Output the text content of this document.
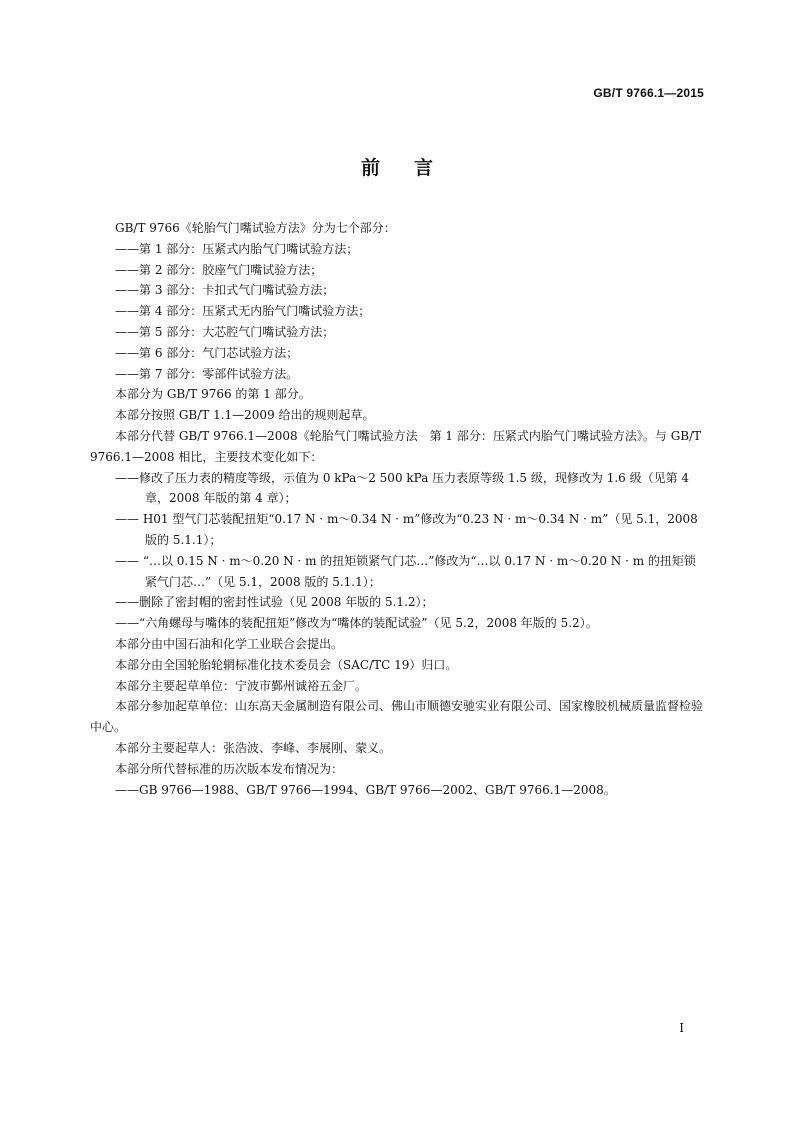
GB/T 9766.1—2015
前言

GB/T 9766《轮胎气门嘴试验方法》分为七个部分：

——第 1 部分：压紧式内胎气门嘴试验方法；

——第 2 部分：胶座气门嘴试验方法；

——第 3 部分：卡扣式气门嘴试验方法；

——第 4 部分：压紧式无内胎气门嘴试验方法；

——第 5 部分：大芯腔气门嘴试验方法；

——第 6 部分：气门芯试验方法；

——第 7 部分：零部件试验方法。

本部分为 GB/T 9766 的第 1 部分。

本部分按照 GB/T 1.1—2009 给出的规则起草。

本部分代替 GB/T 9766.1—2008《轮胎气门嘴试验方法　第 1 部分：压紧式内胎气门嘴试验方法》。与 GB/T 9766.1—2008 相比，主要技术变化如下：

——修改了压力表的精度等级，示值为 0 kPa～2 500 kPa 压力表原等级 1.5 级，现修改为 1.6 级（见第 4 章，2008 年版的第 4 章）；

—— H01 型气门芯装配扭矩“0.17 N · m～0.34 N · m”修改为“0.23 N · m～0.34 N · m”（见 5.1，2008 版的 5.1.1）；

—— “…以 0.15 N · m～0.20 N · m 的扭矩锁紧气门芯…”修改为“…以 0.17 N · m～0.20 N · m 的扭矩锁紧气门芯…”（见 5.1，2008 版的 5.1.1）；

——删除了密封帽的密封性试验（见 2008 年版的 5.1.2）；

——“六角螺母与嘴体的装配扭矩”修改为“嘴体的装配试验”（见 5.2，2008 年版的 5.2）。

本部分由中国石油和化学工业联合会提出。

本部分由全国轮胎轮辋标准化技术委员会（SAC/TC 19）归口。

本部分主要起草单位：宁波市鄞州诚裕五金厂。

本部分参加起草单位：山东高天金属制造有限公司、佛山市顺德安驰实业有限公司、国家橡胶机械质量监督检验中心。

本部分主要起草人：张浩波、李峰、李展刚、蒙义。

本部分所代替标准的历次版本发布情况为：

——GB 9766—1988、GB/T 9766—1994、GB/T 9766—2002、GB/T 9766.1—2008。

I
